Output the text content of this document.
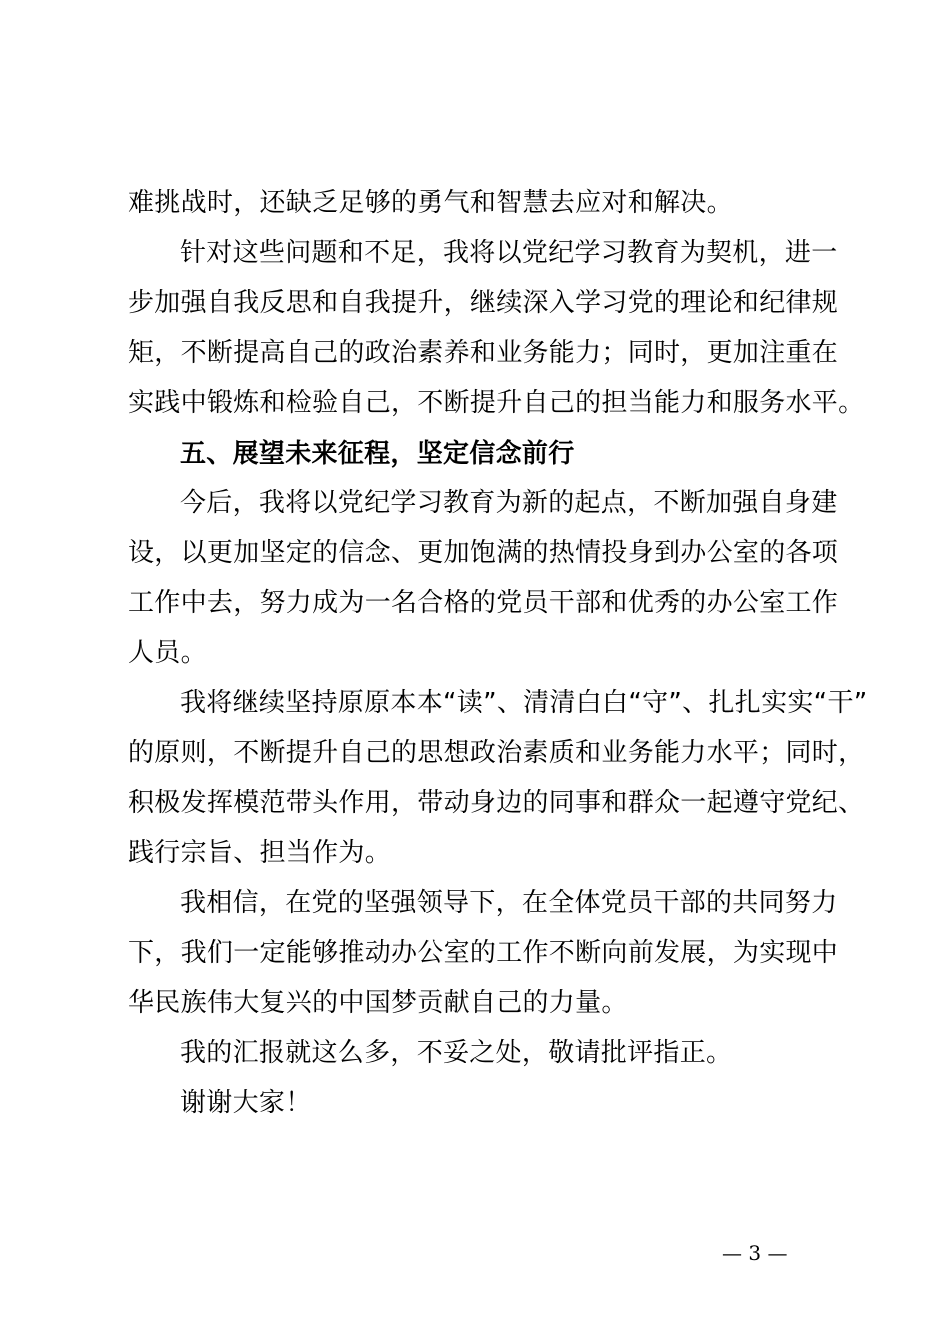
难挑战时，还缺乏足够的勇气和智慧去应对和解决。
针对这些问题和不足，我将以党纪学习教育为契机，进一
步加强自我反思和自我提升，继续深入学习党的理论和纪律规
矩，不断提高自己的政治素养和业务能力；同时，更加注重在
实践中锻炼和检验自己，不断提升自己的担当能力和服务水平。
五、展望未来征程，坚定信念前行
今后，我将以党纪学习教育为新的起点，不断加强自身建
设，以更加坚定的信念、更加饱满的热情投身到办公室的各项
工作中去，努力成为一名合格的党员干部和优秀的办公室工作
人员。
我将继续坚持原原本本“读”、清清白白“守”、扎扎实实“干”
的原则，不断提升自己的思想政治素质和业务能力水平；同时，
积极发挥模范带头作用，带动身边的同事和群众一起遵守党纪、
践行宗旨、担当作为。
我相信，在党的坚强领导下，在全体党员干部的共同努力
下，我们一定能够推动办公室的工作不断向前发展，为实现中
华民族伟大复兴的中国梦贡献自己的力量。
我的汇报就这么多，不妥之处，敬请批评指正。
谢谢大家！
— 3 —
